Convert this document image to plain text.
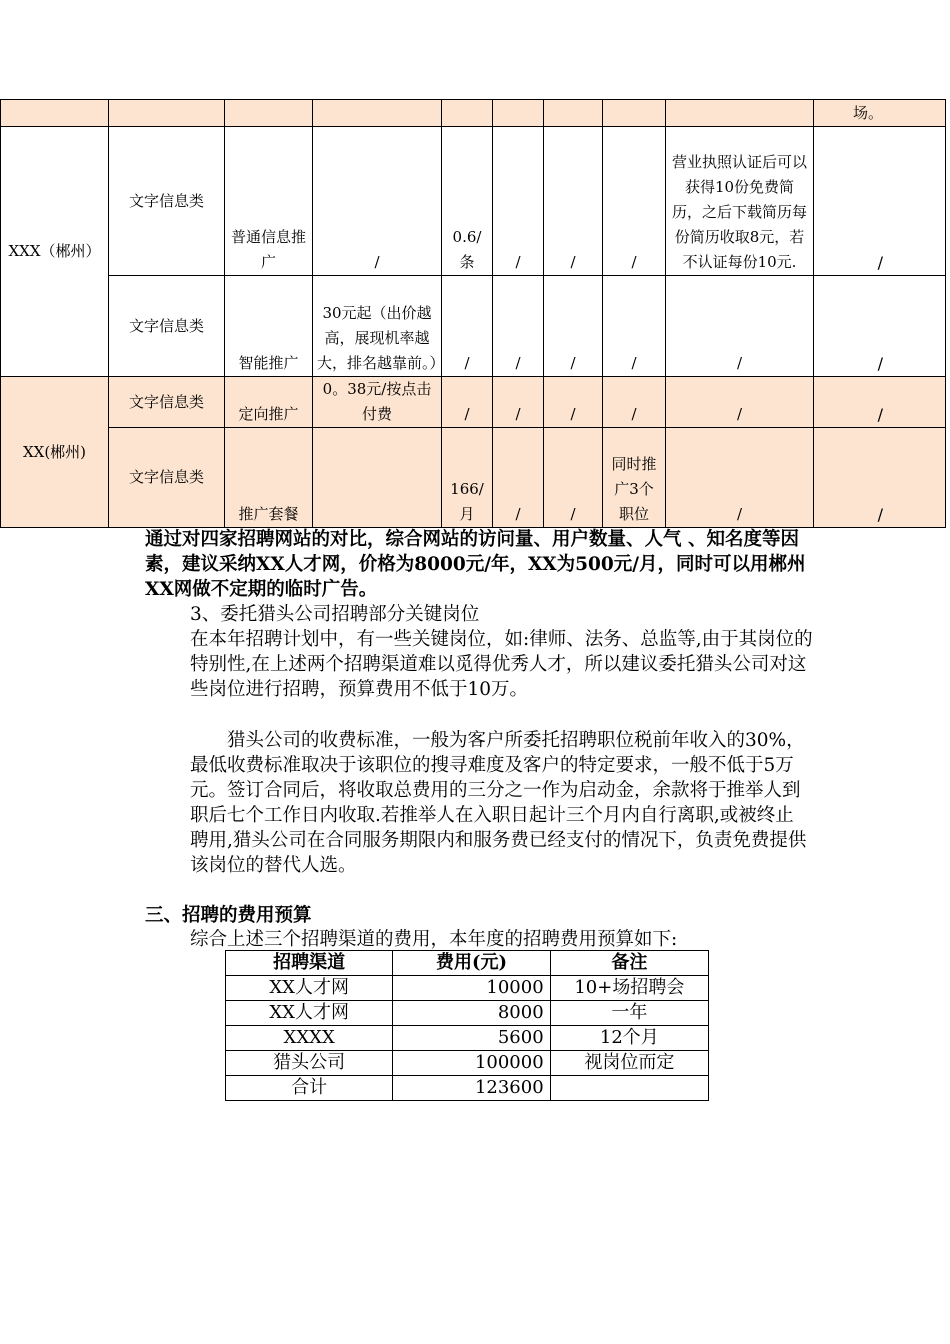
									场。
XXX（郴州）	文字信息类	普通信息推广	/	0.6/条	/	/	/	营业执照认证后可以获得10份免费简历，之后下载简历每份简历收取8元，若不认证每份10元.	/
	文字信息类	智能推广	30元起（出价越高，展现机率越大，排名越靠前。）	/	/	/	/	/	/
XX(郴州)	文字信息类	定向推广	0。38元/按点击付费	/	/	/	/	/	/
	文字信息类	推广套餐		166/月	/	/	同时推广3个职位	/	/

通过对四家招聘网站的对比，综合网站的访问量、用户数量、人气 、知名度等因素，建议采纳XX人才网，价格为8000元/年，XX为500元/月，同时可以用郴州XX网做不定期的临时广告。

3、委托猎头公司招聘部分关键岗位

在本年招聘计划中，有一些关键岗位，如:律师、法务、总监等,由于其岗位的特别性,在上述两个招聘渠道难以觅得优秀人才，所以建议委托猎头公司对这些岗位进行招聘，预算费用不低于10万。

猎头公司的收费标准，一般为客户所委托招聘职位税前年收入的30%，最低收费标准取决于该职位的搜寻难度及客户的特定要求，一般不低于5万元。签订合同后，将收取总费用的三分之一作为启动金，余款将于推举人到职后七个工作日内收取.若推举人在入职日起计三个月内自行离职,或被终止聘用,猎头公司在合同服务期限内和服务费已经支付的情况下，负责免费提供该岗位的替代人选。

三、招聘的费用预算

综合上述三个招聘渠道的费用，本年度的招聘费用预算如下:

招聘渠道	费用(元)	备注
XX人才网	10000	10+场招聘会
XX人才网	8000	一年
XXXX	5600	12个月
猎头公司	100000	视岗位而定
合计	123600	
